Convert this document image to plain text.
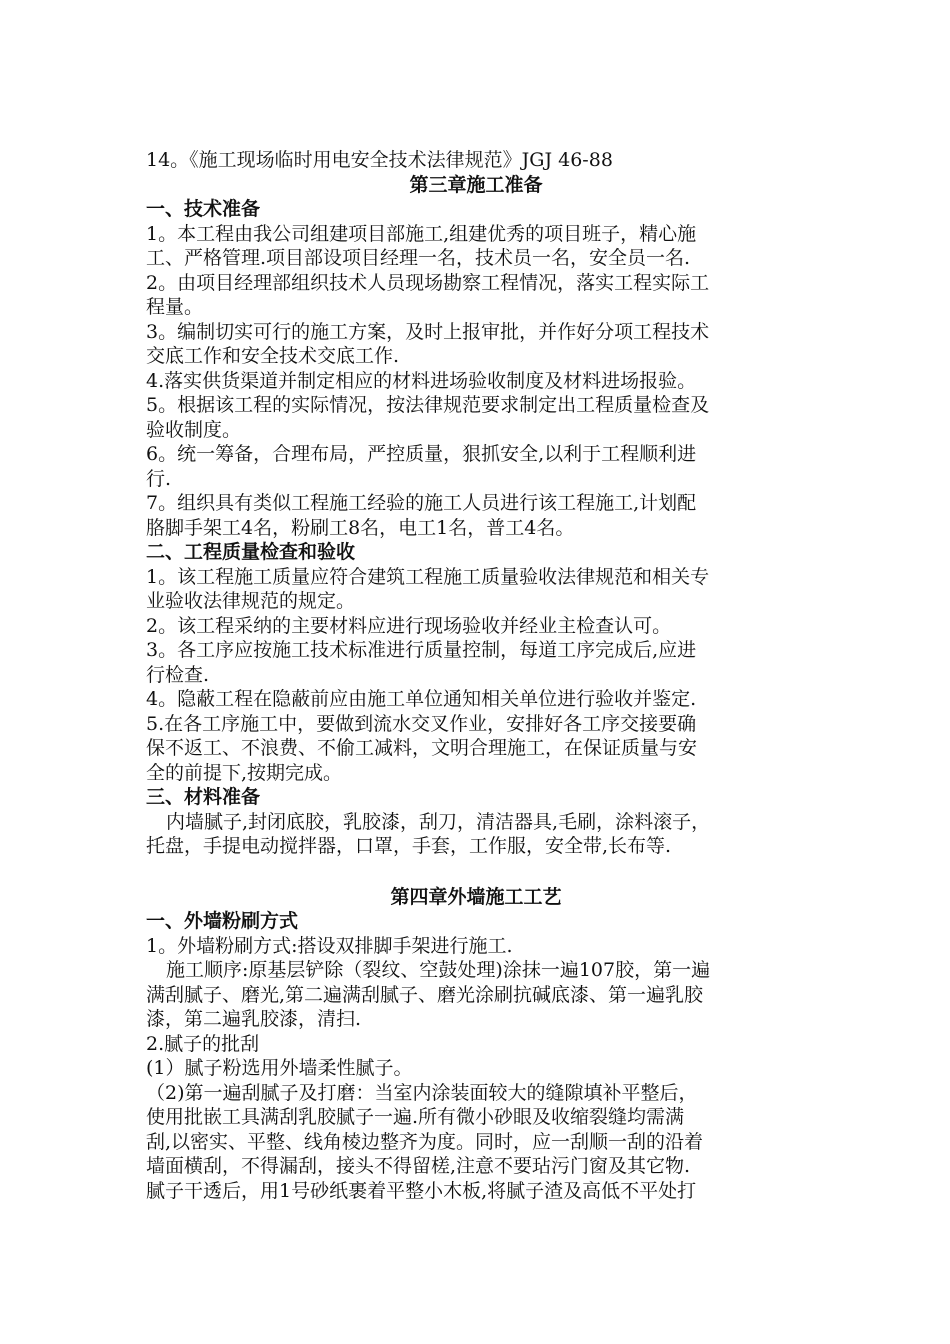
14。《施工现场临时用电安全技术法律规范》JGJ 46-88
第三章施工准备
一、技术准备
1。本工程由我公司组建项目部施工,组建优秀的项目班子，精心施
工、严格管理.项目部设项目经理一名，技术员一名，安全员一名.
2。由项目经理部组织技术人员现场勘察工程情况，落实工程实际工
程量。
3。编制切实可行的施工方案，及时上报审批，并作好分项工程技术
交底工作和安全技术交底工作.
4.落实供货渠道并制定相应的材料进场验收制度及材料进场报验。
5。根据该工程的实际情况，按法律规范要求制定出工程质量检查及
验收制度。
6。统一筹备，合理布局，严控质量，狠抓安全,以利于工程顺利进
行.
7。组织具有类似工程施工经验的施工人员进行该工程施工,计划配
胳脚手架工4名，粉刷工8名，电工1名，普工4名。
二、工程质量检查和验收
1。该工程施工质量应符合建筑工程施工质量验收法律规范和相关专
业验收法律规范的规定。
2。该工程采纳的主要材料应进行现场验收并经业主检查认可。
3。各工序应按施工技术标准进行质量控制，每道工序完成后,应进
行检查.
4。隐蔽工程在隐蔽前应由施工单位通知相关单位进行验收并鉴定.
5.在各工序施工中，要做到流水交叉作业，安排好各工序交接要确
保不返工、不浪费、不偷工减料，文明合理施工，在保证质量与安
全的前提下,按期完成。
三、材料准备
内墙腻子,封闭底胶，乳胶漆，刮刀，清洁器具,毛刷，涂料滚子，
托盘，手提电动搅拌器，口罩，手套，工作服，安全带,长布等.
第四章外墙施工工艺
一、外墙粉刷方式
1。外墙粉刷方式:搭设双排脚手架进行施工.
施工顺序:原基层铲除（裂纹、空鼓处理)涂抹一遍107胶，第一遍
满刮腻子、磨光,第二遍满刮腻子、磨光涂刷抗碱底漆、第一遍乳胶
漆，第二遍乳胶漆，清扫.
2.腻子的批刮
(1）腻子粉选用外墙柔性腻子。
（2)第一遍刮腻子及打磨：当室内涂装面较大的缝隙填补平整后，
使用批嵌工具满刮乳胶腻子一遍.所有微小砂眼及收缩裂缝均需满
刮,以密实、平整、线角棱边整齐为度。同时，应一刮顺一刮的沿着
墙面横刮，不得漏刮，接头不得留槎,注意不要玷污门窗及其它物.
腻子干透后，用1号砂纸裹着平整小木板,将腻子渣及高低不平处打
